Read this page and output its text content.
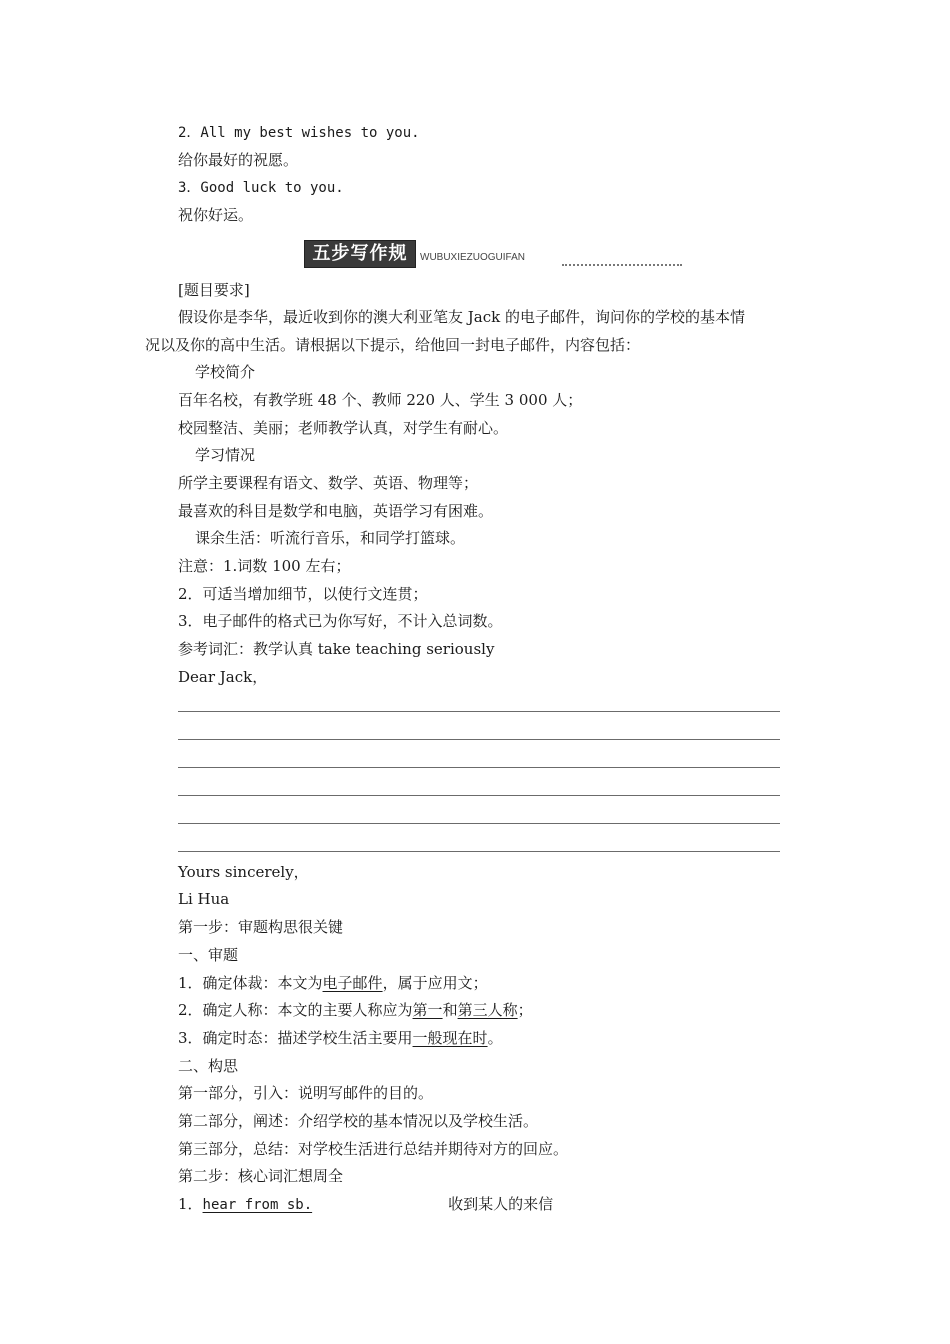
2．All my best wishes to you.
给你最好的祝愿。
3．Good luck to you.
祝你好运。
五步写作规范
WUBUXIEZUOGUIFAN
[题目要求]
假设你是李华，最近收到你的澳大利亚笔友 Jack 的电子邮件，询问你的学校的基本情
况以及你的高中生活。请根据以下提示，给他回一封电子邮件，内容包括：
学校简介
百年名校，有教学班 48 个、教师 220 人、学生 3 000 人；
校园整洁、美丽；老师教学认真，对学生有耐心。
学习情况
所学主要课程有语文、数学、英语、物理等；
最喜欢的科目是数学和电脑，英语学习有困难。
课余生活：听流行音乐，和同学打篮球。
注意：1.词数 100 左右；
2．可适当增加细节，以使行文连贯；
3．电子邮件的格式已为你写好，不计入总词数。
参考词汇：教学认真 take teaching seriously
Dear Jack，
Yours sincerely，
Li Hua
第一步：审题构思很关键
一、审题
1．确定体裁：本文为电子邮件，属于应用文；
2．确定人称：本文的主要人称应为第一和第三人称；
3．确定时态：描述学校生活主要用一般现在时。
二、构思
第一部分，引入：说明写邮件的目的。
第二部分，阐述：介绍学校的基本情况以及学校生活。
第三部分，总结：对学校生活进行总结并期待对方的回应。
第二步：核心词汇想周全
1．hear from sb.	收到某人的来信
